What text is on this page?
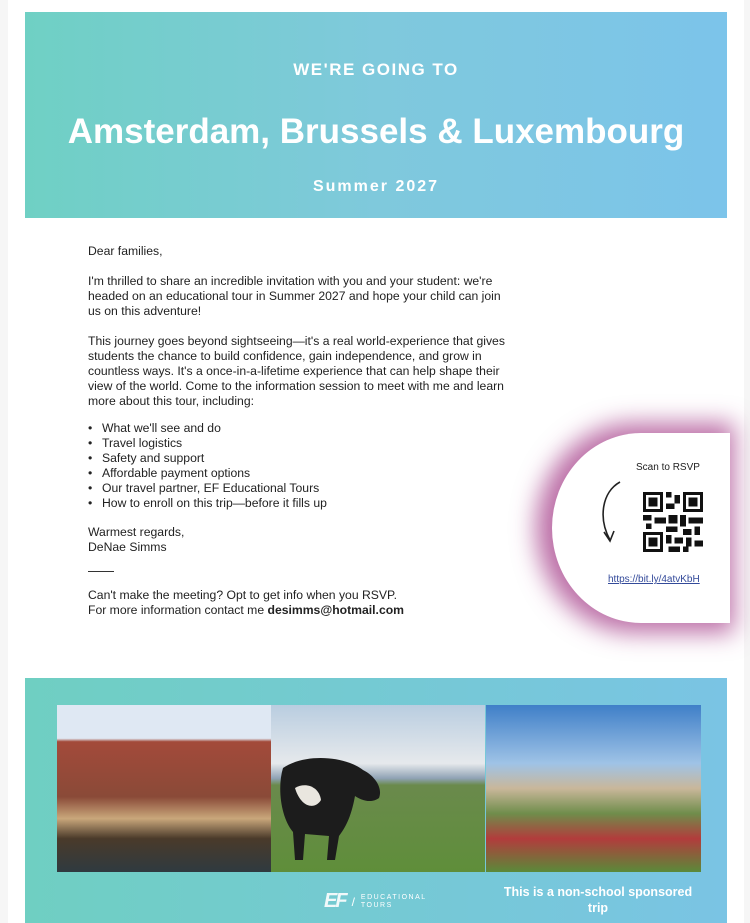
WE'RE GOING TO
Amsterdam, Brussels & Luxembourg
Summer 2027

Dear families,

I'm thrilled to share an incredible invitation with you and your student: we're headed on an educational tour in Summer 2027 and hope your child can join us on this adventure!

This journey goes beyond sightseeing—it's a real world-experience that gives students the chance to build confidence, gain independence, and grow in countless ways. It's a once-in-a-lifetime experience that can help shape their view of the world. Come to the information session to meet with me and learn more about this tour, including:

• What we'll see and do
• Travel logistics
• Safety and support
• Affordable payment options
• Our travel partner, EF Educational Tours
• How to enroll on this trip—before it fills up
Warmest regards,
DeNae Simms
Can't make the meeting? Opt to get info when you RSVP.
For more information contact me desimms@hotmail.com
Scan to RSVP
https://bit.ly/4atvKbH
EF / EDUCATIONAL
TOURS
This is a non-school sponsored trip
